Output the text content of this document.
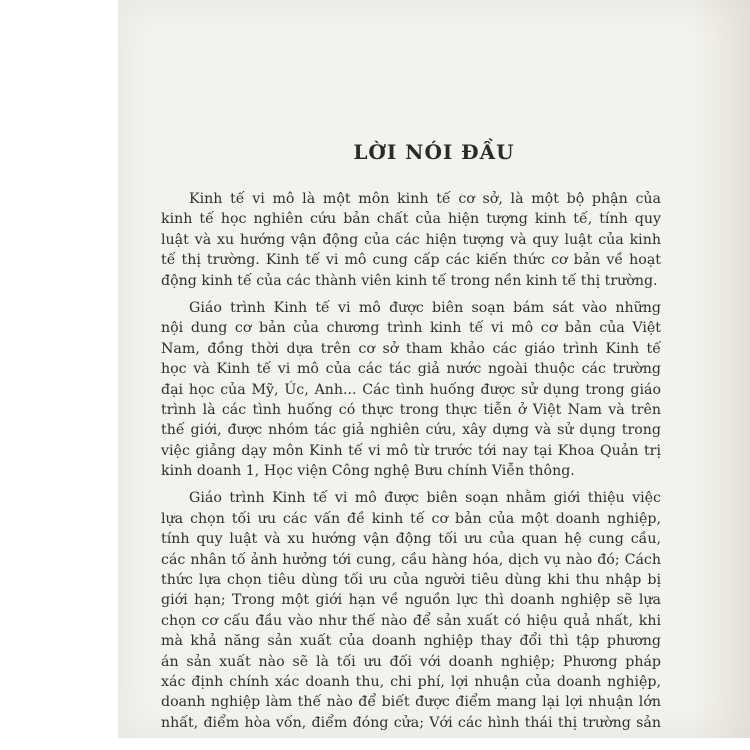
LỜI NÓI ĐẦU
Kinh tế vi mô là một môn kinh tế cơ sở, là một bộ phận của
kinh tế học nghiên cứu bản chất của hiện tượng kinh tế, tính quy
luật và xu hướng vận động của các hiện tượng và quy luật của kinh
tế thị trường. Kinh tế vi mô cung cấp các kiến thức cơ bản về hoạt
động kinh tế của các thành viên kinh tế trong nền kinh tế thị trường.
Giáo trình Kinh tế vi mô được biên soạn bám sát vào những
nội dung cơ bản của chương trình kinh tế vi mô cơ bản của Việt
Nam, đồng thời dựa trên cơ sở tham khảo các giáo trình Kinh tế
học và Kinh tế vi mô của các tác giả nước ngoài thuộc các trường
đại học của Mỹ, Úc, Anh... Các tình huống được sử dụng trong giáo
trình là các tình huống có thực trong thực tiễn ở Việt Nam và trên
thế giới, được nhóm tác giả nghiên cứu, xây dựng và sử dụng trong
việc giảng dạy môn Kinh tế vi mô từ trước tới nay tại Khoa Quản trị
kinh doanh 1, Học viện Công nghệ Bưu chính Viễn thông.
Giáo trình Kinh tế vi mô được biên soạn nhằm giới thiệu việc
lựa chọn tối ưu các vấn đề kinh tế cơ bản của một doanh nghiệp,
tính quy luật và xu hướng vận động tối ưu của quan hệ cung cầu,
các nhân tố ảnh hưởng tới cung, cầu hàng hóa, dịch vụ nào đó; Cách
thức lựa chọn tiêu dùng tối ưu của người tiêu dùng khi thu nhập bị
giới hạn; Trong một giới hạn về nguồn lực thì doanh nghiệp sẽ lựa
chọn cơ cấu đầu vào như thế nào để sản xuất có hiệu quả nhất, khi
mà khả năng sản xuất của doanh nghiệp thay đổi thì tập phương
án sản xuất nào sẽ là tối ưu đối với doanh nghiệp; Phương pháp
xác định chính xác doanh thu, chi phí, lợi nhuận của doanh nghiệp,
doanh nghiệp làm thế nào để biết được điểm mang lại lợi nhuận lớn
nhất, điểm hòa vốn, điểm đóng cửa; Với các hình thái thị trường sản
